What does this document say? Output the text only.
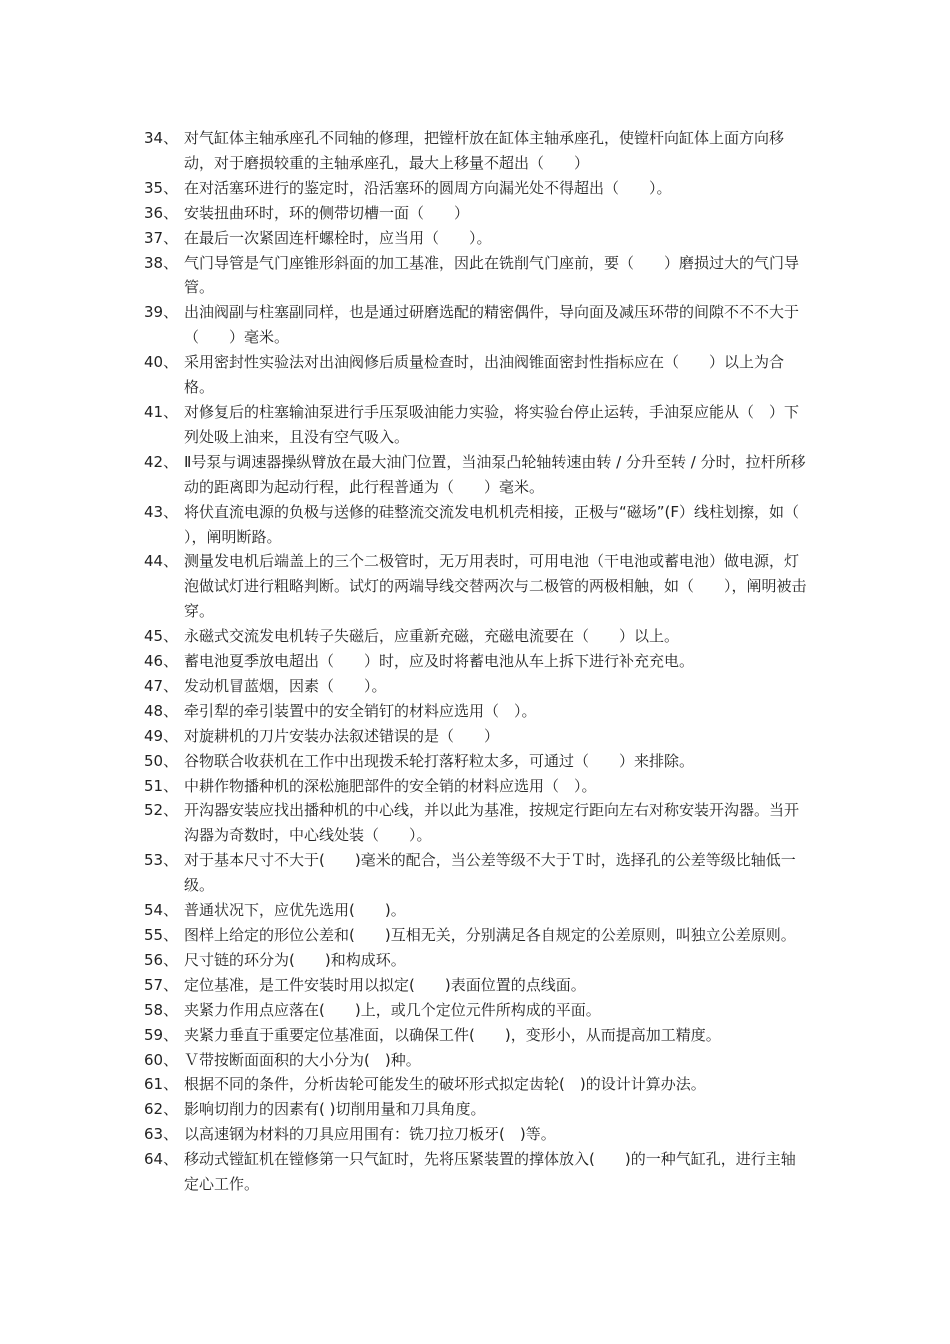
34、 对气缸体主轴承座孔不同轴的修理，把镗杆放在缸体主轴承座孔，使镗杆向缸体上面方向移动，对于磨损较重的主轴承座孔，最大上移量不超出（　　）
35、 在对活塞环进行的鉴定时，沿活塞环的圆周方向漏光处不得超出（　　）。
36、 安装扭曲环时，环的侧带切槽一面（　　）
37、 在最后一次紧固连杆螺栓时，应当用（　　）。
38、 气门导管是气门座锥形斜面的加工基准，因此在铣削气门座前，要（　　）磨损过大的气门导管。
39、 出油阀副与柱塞副同样，也是通过研磨选配的精密偶件，导向面及减压环带的间隙不不不大于（　　）毫米。
40、 采用密封性实验法对出油阀修后质量检查时，出油阀锥面密封性指标应在（　　）以上为合格。
41、 对修复后的柱塞输油泵进行手压泵吸油能力实验，将实验台停止运转，手油泵应能从（　）下列处吸上油来，且没有空气吸入。
42、 Ⅱ号泵与调速器操纵臂放在最大油门位置，当油泵凸轮轴转速由转 / 分升至转 / 分时，拉杆所移动的距离即为起动行程，此行程普通为（　　）毫米。
43、 将伏直流电源的负极与送修的硅整流交流发电机机壳相接，正极与“磁场”(F）线柱划擦，如（　　），阐明断路。
44、 测量发电机后端盖上的三个二极管时，无万用表时，可用电池（干电池或蓄电池）做电源，灯泡做试灯进行粗略判断。试灯的两端导线交替两次与二极管的两极相触，如（　　），阐明被击穿。
45、 永磁式交流发电机转子失磁后，应重新充磁，充磁电流要在（　　）以上。
46、 蓄电池夏季放电超出（　　）时，应及时将蓄电池从车上拆下进行补充充电。
47、 发动机冒蓝烟，因素（　　）。
48、 牵引犁的牵引装置中的安全销钉的材料应选用（　）。
49、 对旋耕机的刀片安装办法叙述错误的是（　　）
50、 谷物联合收获机在工作中出现拨禾轮打落籽粒太多，可通过（　　）来排除。
51、 中耕作物播种机的深松施肥部件的安全销的材料应选用（　）。
52、 开沟器安装应找出播种机的中心线，并以此为基准，按规定行距向左右对称安装开沟器。当开沟器为奇数时，中心线处装（　　）。
53、 对于基本尺寸不大于(　　)毫米的配合，当公差等级不大于Ｔ时，选择孔的公差等级比轴低一级。
54、 普通状况下，应优先选用(　　)。
55、 图样上给定的形位公差和(　　)互相无关，分别满足各自规定的公差原则，叫独立公差原则。
56、 尺寸链的环分为(　　)和构成环。
57、 定位基准，是工件安装时用以拟定(　　)表面位置的点线面。
58、 夹紧力作用点应落在(　　)上，或几个定位元件所构成的平面。
59、 夹紧力垂直于重要定位基准面，以确保工件(　　)，变形小，从而提高加工精度。
60、 Ｖ带按断面面积的大小分为(　)种。
61、 根据不同的条件，分析齿轮可能发生的破坏形式拟定齿轮(　)的设计计算办法。
62、 影响切削力的因素有( )切削用量和刀具角度。
63、 以高速钢为材料的刀具应用围有：铣刀拉刀板牙(　)等。
64、 移动式镗缸机在镗修第一只气缸时，先将压紧装置的撑体放入(　　)的一种气缸孔，进行主轴定心工作。
